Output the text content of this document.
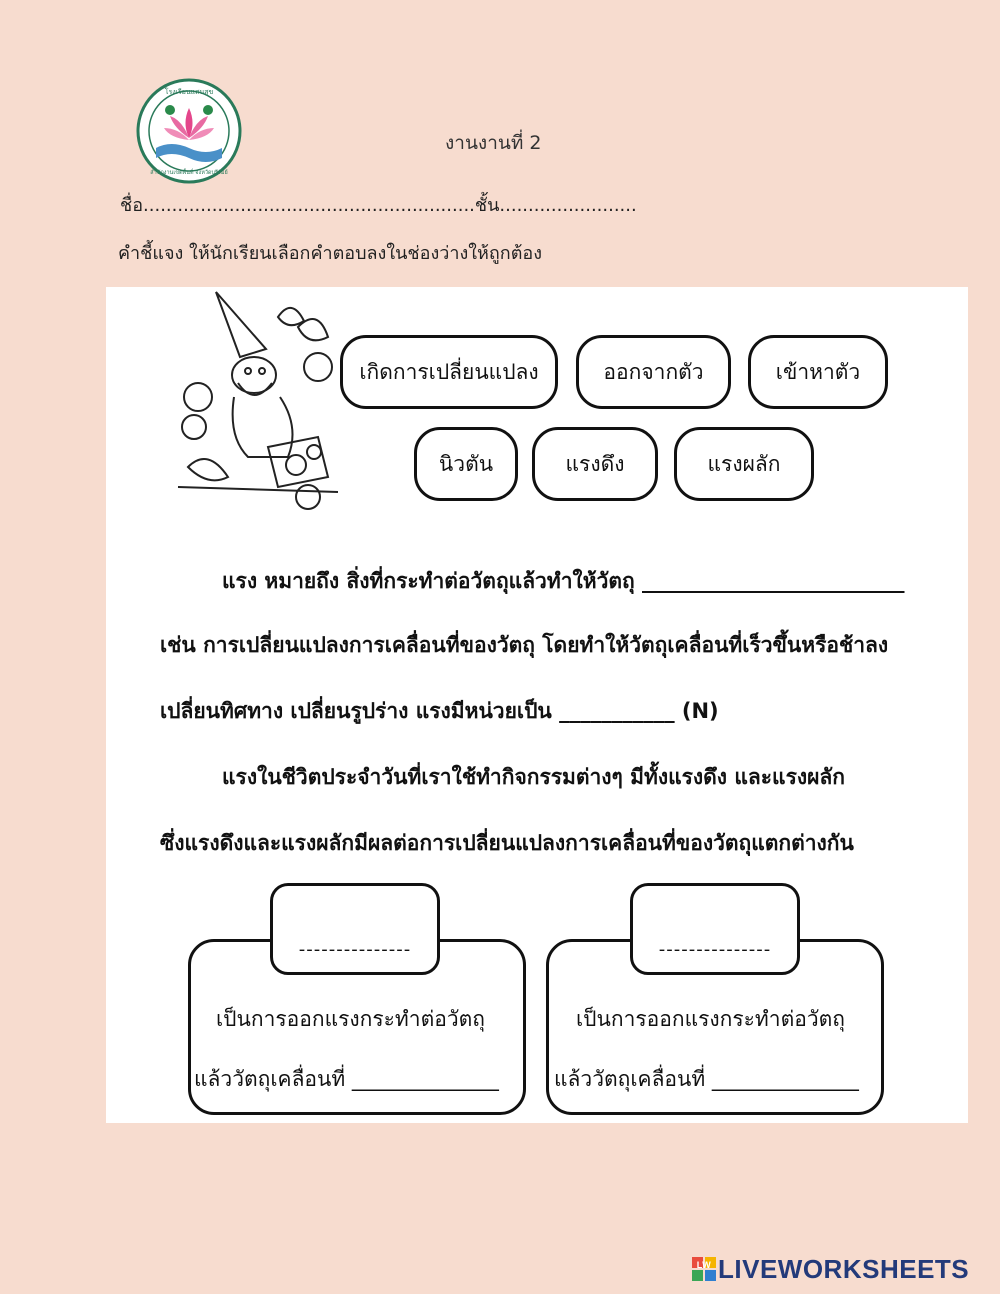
โรงเรียนแสนสุข
สำนักงานเขตพื้นที่ จังหวัดบุรีรัมย์
งานงานที่ 2
ชื่อ..........................................................ชั้น........................
คำชี้แจง ให้นักเรียนเลือกคำตอบลงในช่องว่างให้ถูกต้อง
เกิดการเปลี่ยนแปลง	ออกจากตัว	เข้าหาตัว
นิวตัน	แรงดึง	แรงผลัก
แรง หมายถึง สิ่งที่กระทำต่อวัตถุแล้วทำให้วัตถุ _________________________
เช่น การเปลี่ยนแปลงการเคลื่อนที่ของวัตถุ โดยทำให้วัตถุเคลื่อนที่เร็วขึ้นหรือช้าลง
เปลี่ยนทิศทาง เปลี่ยนรูปร่าง แรงมีหน่วยเป็น ___________ (N)
แรงในชีวิตประจำวันที่เราใช้ทำกิจกรรมต่างๆ มีทั้งแรงดึง และแรงผลัก
ซึ่งแรงดึงและแรงผลักมีผลต่อการเปลี่ยนแปลงการเคลื่อนที่ของวัตถุแตกต่างกัน
---------------
เป็นการออกแรงกระทำต่อวัตถุ
แล้ววัตถุเคลื่อนที่ ______________
---------------
เป็นการออกแรงกระทำต่อวัตถุ
แล้ววัตถุเคลื่อนที่ ______________
LW LIVEWORKSHEETS
